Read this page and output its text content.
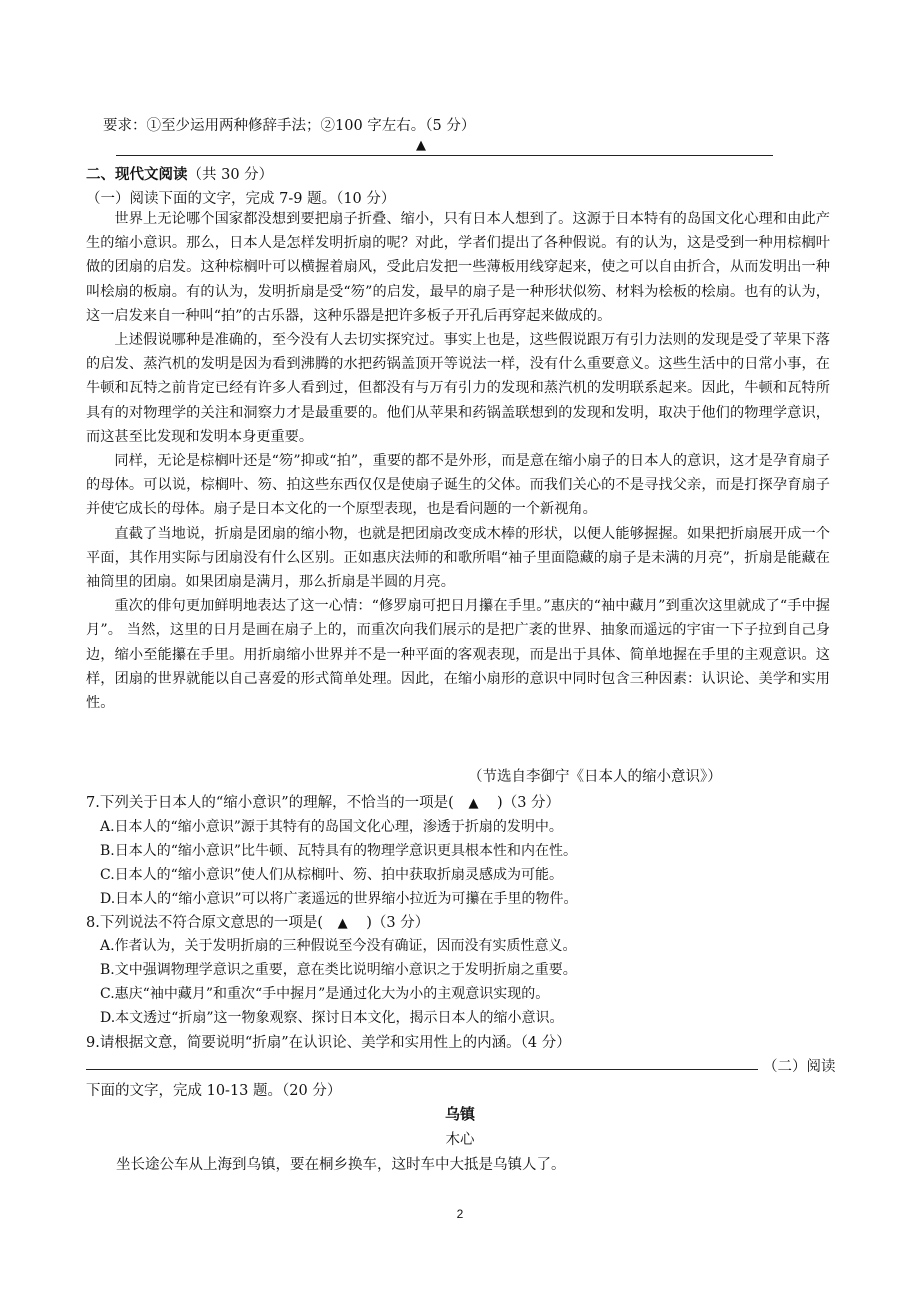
要求：①至少运用两种修辞手法；②100 字左右。（5 分）
▲
二、现代文阅读（共 30 分）
（一）阅读下面的文字，完成 7-9 题。（10 分）

世界上无论哪个国家都没想到要把扇子折叠、缩小，只有日本人想到了。这源于日本特有的岛国文化心理和由此产生的缩小意识。那么，日本人是怎样发明折扇的呢？对此，学者们提出了各种假说。有的认为，这是受到一种用棕榈叶做的团扇的启发。这种棕榈叶可以横握着扇风，受此启发把一些薄板用线穿起来，使之可以自由折合，从而发明出一种叫桧扇的板扇。有的认为，发明折扇是受“笏”的启发，最早的扇子是一种形状似笏、材料为桧板的桧扇。也有的认为，这一启发来自一种叫“拍”的古乐器，这种乐器是把许多板子开孔后再穿起来做成的。

上述假说哪种是准确的，至今没有人去切实探究过。事实上也是，这些假说跟万有引力法则的发现是受了苹果下落的启发、蒸汽机的发明是因为看到沸腾的水把药锅盖顶开等说法一样，没有什么重要意义。这些生活中的日常小事，在牛顿和瓦特之前肯定已经有许多人看到过，但都没有与万有引力的发现和蒸汽机的发明联系起来。因此，牛顿和瓦特所具有的对物理学的关注和洞察力才是最重要的。他们从苹果和药锅盖联想到的发现和发明，取决于他们的物理学意识，而这甚至比发现和发明本身更重要。

同样，无论是棕榈叶还是“笏”抑或“拍”，重要的都不是外形，而是意在缩小扇子的日本人的意识，这才是孕育扇子的母体。可以说，棕榈叶、笏、拍这些东西仅仅是使扇子诞生的父体。而我们关心的不是寻找父亲，而是打探孕育扇子并使它成长的母体。扇子是日本文化的一个原型表现，也是看问题的一个新视角。

直截了当地说，折扇是团扇的缩小物，也就是把团扇改变成木棒的形状，以便人能够握握。如果把折扇展开成一个平面，其作用实际与团扇没有什么区别。正如惠庆法师的和歌所唱“袖子里面隐藏的扇子是未满的月亮”，折扇是能藏在袖筒里的团扇。如果团扇是满月，那么折扇是半圆的月亮。

重次的俳句更加鲜明地表达了这一心情：“修罗扇可把日月攥在手里。”惠庆的“袖中藏月”到重次这里就成了“手中握月”。 当然，这里的日月是画在扇子上的，而重次向我们展示的是把广袤的世界、抽象而遥远的宇宙一下子拉到自己身边，缩小至能攥在手里。用折扇缩小世界并不是一种平面的客观表现，而是出于具体、简单地握在手里的主观意识。这样，团扇的世界就能以自己喜爱的形式简单处理。因此，在缩小扇形的意识中同时包含三种因素：认识论、美学和实用性。

（节选自李御宁《日本人的缩小意识》）
7.下列关于日本人的“缩小意识”的理解，不恰当的一项是( ▲ )（3 分）
A.日本人的“缩小意识”源于其特有的岛国文化心理，渗透于折扇的发明中。
B.日本人的“缩小意识”比牛顿、瓦特具有的物理学意识更具根本性和内在性。
C.日本人的“缩小意识”使人们从棕榈叶、笏、拍中获取折扇灵感成为可能。
D.日本人的“缩小意识”可以将广袤遥远的世界缩小拉近为可攥在手里的物件。
8.下列说法不符合原文意思的一项是( ▲ )（3 分）
A.作者认为，关于发明折扇的三种假说至今没有确证，因而没有实质性意义。
B.文中强调物理学意识之重要，意在类比说明缩小意识之于发明折扇之重要。
C.惠庆“袖中藏月”和重次“手中握月”是通过化大为小的主观意识实现的。
D.本文透过“折扇”这一物象观察、探讨日本文化，揭示日本人的缩小意识。
9.请根据文意，简要说明“折扇”在认识论、美学和实用性上的内涵。（4 分）
（二）阅读
下面的文字，完成 10-13 题。（20 分）
乌镇
木心
坐长途公车从上海到乌镇，要在桐乡换车，这时车中大抵是乌镇人了。
2
